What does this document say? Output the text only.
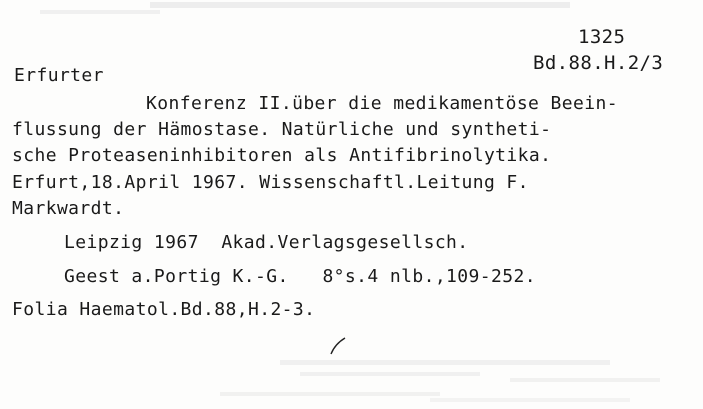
1325
Bd.88.H.2/3
Erfurter
Konferenz II.über die medikamentöse Beein-
flussung der Hämostase. Natürliche und syntheti-
sche Proteaseninhibitoren als Antifibrinolytika.
Erfurt,18.April 1967. Wissenschaftl.Leitung F.
Markwardt.
Leipzig 1967  Akad.Verlagsgesellsch.
Geest a.Portig K.-G.   8°s.4 nlb.,109-252.
Folia Haematol.Bd.88,H.2-3.
